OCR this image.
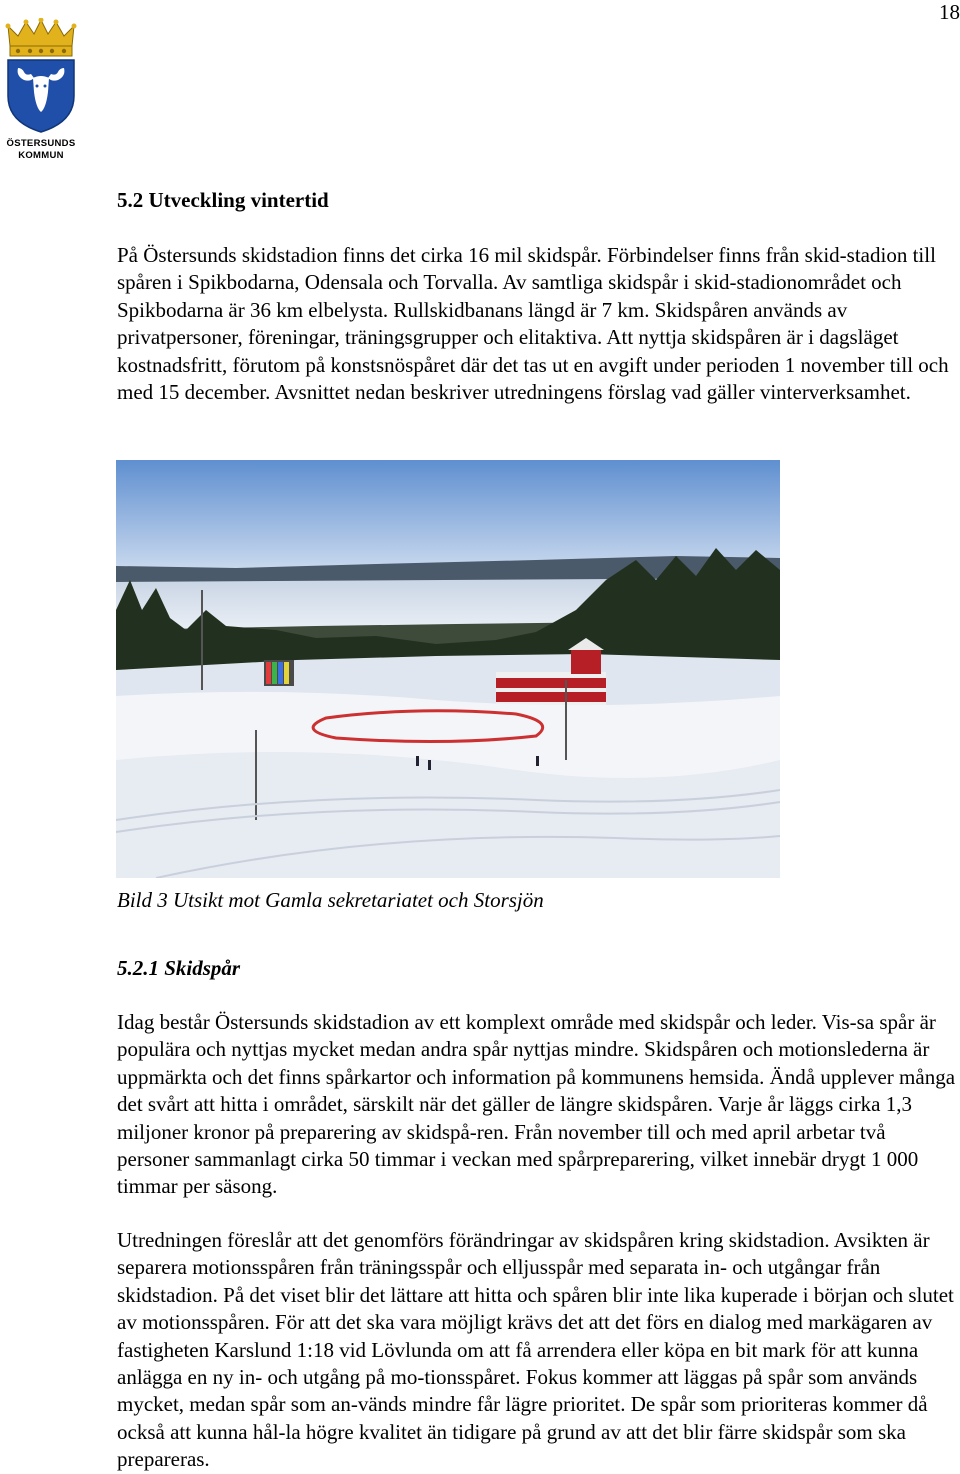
18
ÖSTERSUNDS
KOMMUN
5.2 Utveckling vintertid

På Östersunds skidstadion finns det cirka 16 mil skidspår. Förbindelser finns från skid-stadion till spåren i Spikbodarna, Odensala och Torvalla. Av samtliga skidspår i skid-stadionområdet och Spikbodarna är 36 km elbelysta. Rullskidbanans längd är 7 km. Skidspåren används av privatpersoner, föreningar, träningsgrupper och elitaktiva. Att nyttja skidspåren är i dagsläget kostnadsfritt, förutom på konstsnöspåret där det tas ut en avgift under perioden 1 november till och med 15 december. Avsnittet nedan beskriver utredningens förslag vad gäller vinterverksamhet.

Bild 3 Utsikt mot Gamla sekretariatet och Storsjön
5.2.1 Skidspår

Idag består Östersunds skidstadion av ett komplext område med skidspår och leder. Vis-sa spår är populära och nyttjas mycket medan andra spår nyttjas mindre. Skidspåren och motionslederna är uppmärkta och det finns spårkartor och information på kommunens hemsida. Ändå upplever många det svårt att hitta i området, särskilt när det gäller de längre skidspåren. Varje år läggs cirka 1,3 miljoner kronor på preparering av skidspå-ren. Från november till och med april arbetar två personer sammanlagt cirka 50 timmar i veckan med spårpreparering, vilket innebär drygt 1 000 timmar per säsong.

Utredningen föreslår att det genomförs förändringar av skidspåren kring skidstadion. Avsikten är separera motionsspåren från träningsspår och elljusspår med separata in- och utgångar från skidstadion. På det viset blir det lättare att hitta och spåren blir inte lika kuperade i början och slutet av motionsspåren. För att det ska vara möjligt krävs det att det förs en dialog med markägaren av fastigheten Karslund 1:18 vid Lövlunda om att få arrendera eller köpa en bit mark för att kunna anlägga en ny in- och utgång på mo-tionsspåret. Fokus kommer att läggas på spår som används mycket, medan spår som an-vänds mindre får lägre prioritet. De spår som prioriteras kommer då också att kunna hål-la högre kvalitet än tidigare på grund av att det blir färre skidspår som ska prepareras.
